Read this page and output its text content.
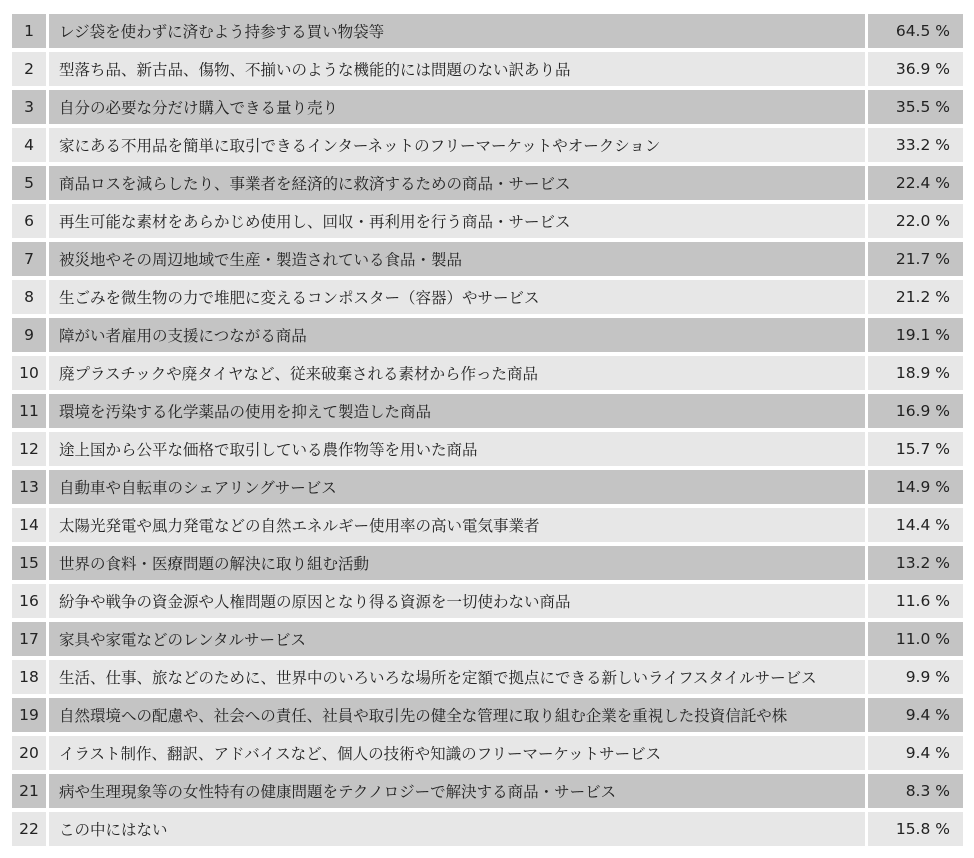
1	レジ袋を使わずに済むよう持参する買い物袋等	64.5 %
2	型落ち品、新古品、傷物、不揃いのような機能的には問題のない訳あり品	36.9 %
3	自分の必要な分だけ購入できる量り売り	35.5 %
4	家にある不用品を簡単に取引できるインターネットのフリーマーケットやオークション	33.2 %
5	商品ロスを減らしたり、事業者を経済的に救済するための商品・サービス	22.4 %
6	再生可能な素材をあらかじめ使用し、回収・再利用を行う商品・サービス	22.0 %
7	被災地やその周辺地域で生産・製造されている食品・製品	21.7 %
8	生ごみを微生物の力で堆肥に変えるコンポスター（容器）やサービス	21.2 %
9	障がい者雇用の支援につながる商品	19.1 %
10	廃プラスチックや廃タイヤなど、従来破棄される素材から作った商品	18.9 %
11	環境を汚染する化学薬品の使用を抑えて製造した商品	16.9 %
12	途上国から公平な価格で取引している農作物等を用いた商品	15.7 %
13	自動車や自転車のシェアリングサービス	14.9 %
14	太陽光発電や風力発電などの自然エネルギー使用率の高い電気事業者	14.4 %
15	世界の食料・医療問題の解決に取り組む活動	13.2 %
16	紛争や戦争の資金源や人権問題の原因となり得る資源を一切使わない商品	11.6 %
17	家具や家電などのレンタルサービス	11.0 %
18	生活、仕事、旅などのために、世界中のいろいろな場所を定額で拠点にできる新しいライフスタイルサービス	9.9 %
19	自然環境への配慮や、社会への責任、社員や取引先の健全な管理に取り組む企業を重視した投資信託や株	9.4 %
20	イラスト制作、翻訳、アドバイスなど、個人の技術や知識のフリーマーケットサービス	9.4 %
21	病や生理現象等の女性特有の健康問題をテクノロジーで解決する商品・サービス	8.3 %
22	この中にはない	15.8 %
